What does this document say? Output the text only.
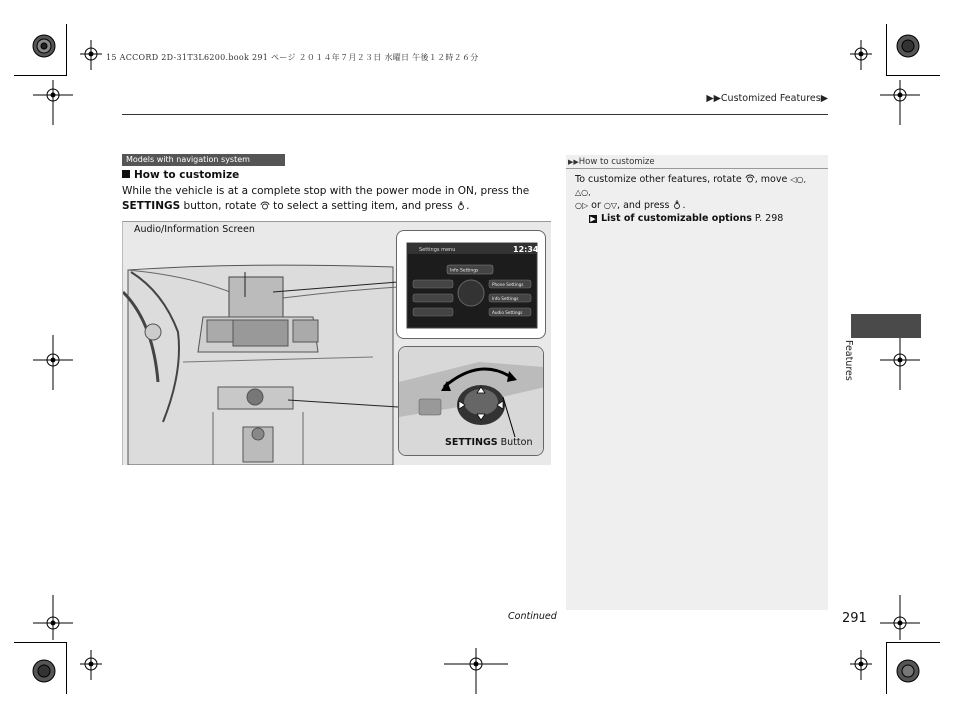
15 ACCORD 2D-31T3L6200.book 291 ページ ２０１４年７月２３日 水曜日 午後１２時２６分
▶▶Customized Features▶
Models with navigation system
How to customize
While the vehicle is at a complete stop with the power mode in ON, press the
SETTINGS button, rotate  to select a setting item, and press .
Audio/Information Screen
Settings menu	12:34
Info Settings
Phone Settings
Info Settings
Audio Settings
SETTINGS Button
▶▶How to customize
To customize other features, rotate , move ◁○, △○,
○▷ or ○▽, and press .
▶ List of customizable options P. 298
Features
Continued	291
